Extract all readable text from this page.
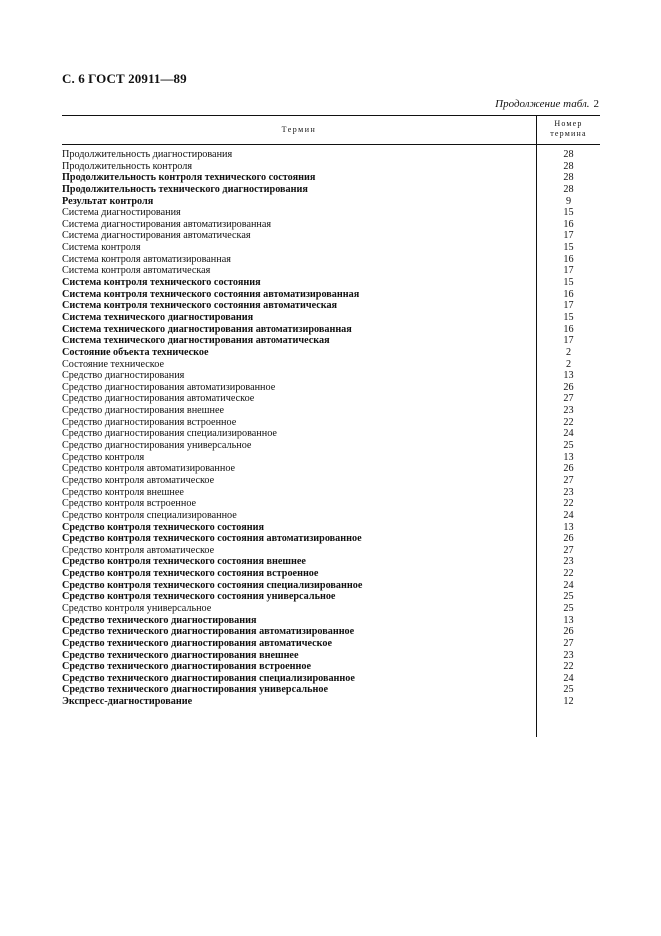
С. 6 ГОСТ 20911—89
Продолжение табл. 2
Термин
Номер
термина
Продолжительность диагностирования	28
Продолжительность контроля	28
Продолжительность контроля технического состояния	28
Продолжительность технического диагностирования	28
Результат контроля	9
Система диагностирования	15
Система диагностирования автоматизированная	16
Система диагностирования автоматическая	17
Система контроля	15
Система контроля автоматизированная	16
Система контроля автоматическая	17
Система контроля технического состояния	15
Система контроля технического состояния автоматизированная	16
Система контроля технического состояния автоматическая	17
Система технического диагностирования	15
Система технического диагностирования автоматизированная	16
Система технического диагностирования автоматическая	17
Состояние объекта техническое	2
Состояние техническое	2
Средство диагностирования	13
Средство диагностирования автоматизированное	26
Средство диагностирования автоматическое	27
Средство диагностирования внешнее	23
Средство диагностирования встроенное	22
Средство диагностирования специализированное	24
Средство диагностирования универсальное	25
Средство контроля	13
Средство контроля автоматизированное	26
Средство контроля автоматическое	27
Средство контроля внешнее	23
Средство контроля встроенное	22
Средство контроля специализированное	24
Средство контроля технического состояния	13
Средство контроля технического состояния автоматизированное	26
Средство контроля автоматическое	27
Средство контроля технического состояния внешнее	23
Средство контроля технического состояния встроенное	22
Средство контроля технического состояния специализированное	24
Средство контроля технического состояния универсальное	25
Средство контроля универсальное	25
Средство технического диагностирования	13
Средство технического диагностирования автоматизированное	26
Средство технического диагностирования автоматическое	27
Средство технического диагностирования внешнее	23
Средство технического диагностирования встроенное	22
Средство технического диагностирования специализированное	24
Средство технического диагностирования универсальное	25
Экспресс-диагностирование	12
